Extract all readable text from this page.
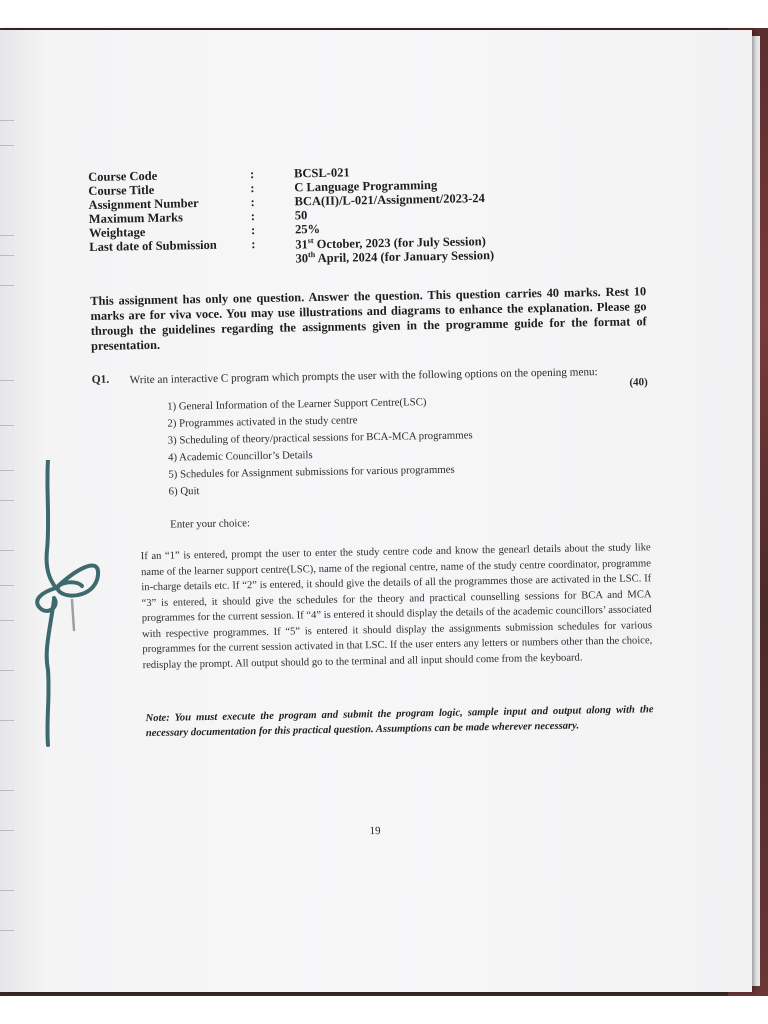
Course Code	:	BCSL-021
Course Title	:	C Language Programming
Assignment Number	:	BCA(II)/L-021/Assignment/2023-24
Maximum Marks	:	50
Weightage	:	25%
Last date of Submission	:	31st October, 2023 (for July Session)
30th April, 2024 (for January Session)
This assignment has only one question. Answer the question. This question carries 40 marks. Rest 10 marks are for viva voce. You may use illustrations and diagrams to enhance the explanation. Please go through the guidelines regarding the assignments given in the programme guide for the format of presentation.
Q1. Write an interactive C program which prompts the user with the following options on the opening menu:	(40)
1) General Information of the Learner Support Centre(LSC)
2) Programmes activated in the study centre
3) Scheduling of theory/practical sessions for BCA-MCA programmes
4) Academic Councillor’s Details
5) Schedules for Assignment submissions for various programmes
6) Quit
Enter your choice:
If an “1” is entered, prompt the user to enter the study centre code and know the genearl details about the study like name of the learner support centre(LSC), name of the regional centre, name of the study centre coordinator, programme in-charge details etc. If “2” is entered, it should give the details of all the programmes those are activated in the LSC. If “3” is entered, it should give the schedules for the theory and practical counselling sessions for BCA and MCA programmes for the current session. If “4” is entered it should display the details of the academic councillors’ associated with respective programmes. If “5” is entered it should display the assignments submission schedules for various programmes for the current session activated in that LSC. If the user enters any letters or numbers other than the choice, redisplay the prompt. All output should go to the terminal and all input should come from the keyboard.
Note: You must execute the program and submit the program logic, sample input and output along with the necessary documentation for this practical question. Assumptions can be made wherever necessary.
19
